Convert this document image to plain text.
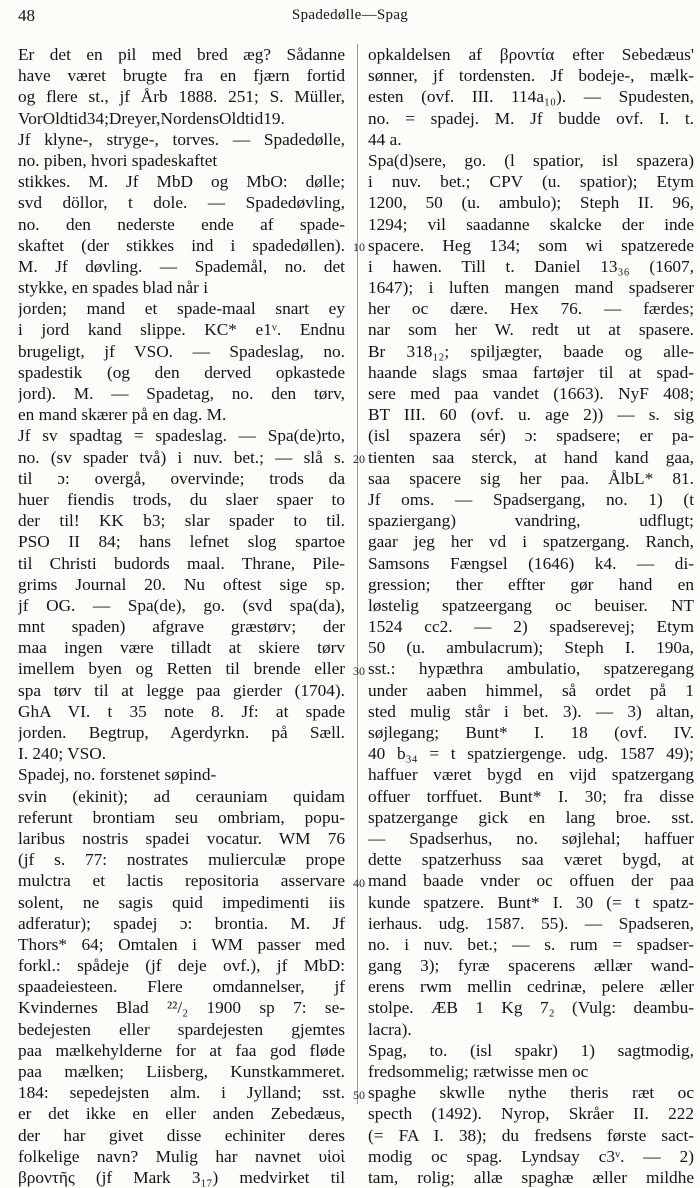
48	Spadedølle—Spag
Er det en pil med bred æg? Sådanne
have været brugte fra en fjærn fortid
og flere st., jf Årb 1888. 251; S. Müller,
VorOldtid34;Dreyer,NordensOldtid19.
Jf klyne-, stryge-, torves. — Spadedølle,
no. piben, hvori spadeskaftet
stikkes. M. Jf MbD og MbO: dølle;
svd döllor, t dole. — Spadedøvling,
no. den nederste ende af spade-
skaftet (der stikkes ind i spadedøllen).
M. Jf døvling. — Spademål, no. det
stykke, en spades blad når i
jorden; mand et spade-maal snart ey
i jord kand slippe. KC* e1ᵛ. Endnu
brugeligt, jf VSO. — Spadeslag, no.
spadestik (og den derved opkastede
jord). M. — Spadetag, no. den tørv,
en mand skærer på en dag. M.
Jf sv spadtag = spadeslag. — Spa(de)rto,
no. (sv spader två) i nuv. bet.; — slå s.
til ɔ: overgå, overvinde; trods da
huer fiendis trods, du slaer spaer to
der til! KK b3; slar spader to til.
PSO II 84; hans lefnet slog spartoe
til Christi budords maal. Thrane, Pile-
grims Journal 20. Nu oftest sige sp.
jf OG. — Spa(de), go. (svd spa(da),
mnt spaden) afgrave græstørv; der
maa ingen være tilladt at skiere tørv
imellem byen og Retten til brende eller
spa tørv til at legge paa gierder (1704).
GhA VI. t 35 note 8. Jf: at spade
jorden. Begtrup, Agerdyrkn. på Sæll.
I. 240; VSO.
Spadej, no. forstenet søpind-
svin (ekinit); ad cerauniam quidam
referunt brontiam seu ombriam, popu-
laribus nostris spadei vocatur. WM 76
(jf s. 77: nostrates mulierculæ prope
mulctra et lactis repositoria asservare
solent, ne sagis quid impedimenti iis
adferatur); spadej ɔ: brontia. M. Jf
Thors* 64; Omtalen i WM passer med
forkl.: spådeje (jf deje ovf.), jf MbD:
spaadeiesteen. Flere omdannelser, jf
Kvindernes Blad ²²/₂ 1900 sp 7: se-
bedejesten eller spardejesten gjemtes
paa mælkehylderne for at faa god fløde
paa mælken; Liisberg, Kunstkammeret.
184: sepedejsten alm. i Jylland; sst.
er det ikke en eller anden Zebedæus,
der har givet disse echiniter deres
folkelige navn? Mulig har navnet υἱοὶ
βροντῆς (jf Mark 3₁₇) medvirket til
10
20
30
40
50
opkaldelsen af βροντία efter Sebedæus'
sønner, jf tordensten. Jf bodeje-, mælk-
esten (ovf. III. 114a₁₀). — Spudesten,
no. = spadej. M. Jf budde ovf. I. t.
44 a.
Spa(d)sere, go. (l spatior, isl spazera)
i nuv. bet.; CPV (u. spatior); Etym
1200, 50 (u. ambulo); Steph II. 96,
1294; vil saadanne skalcke der inde
spacere. Heg 134; som wi spatzerede
i hawen. Till t. Daniel 13₃₆ (1607,
1647); i luften mangen mand spadserer
her oc dære. Hex 76. — færdes;
nar som her W. redt ut at spasere.
Br 318₁₂; spiljægter, baade og alle-
haande slags smaa fartøjer til at spad-
sere med paa vandet (1663). NyF 408;
BT III. 60 (ovf. u. age 2)) — s. sig
(isl spazera sér) ɔ: spadsere; er pa-
tienten saa sterck, at hand kand gaa,
saa spacere sig her paa. ÅlbL* 81.
Jf oms. — Spadsergang, no. 1) (t
spaziergang) vandring, udflugt;
gaar jeg her vd i spatzergang. Ranch,
Samsons Fængsel (1646) k4. — di-
gression; ther effter gør hand en
løstelig spatzeergang oc beuiser. NT
1524 cc2. — 2) spadserevej; Etym
50 (u. ambulacrum); Steph I. 190a,
sst.: hypæthra ambulatio, spatzeregang
under aaben himmel, så ordet på 1
sted mulig står i bet. 3). — 3) altan,
søjlegang; Bunt* I. 18 (ovf. IV.
40 b₃₄ = t spatziergenge. udg. 1587 49);
haffuer været bygd en vijd spatzergang
offuer torffuet. Bunt* I. 30; fra disse
spatzergange gick en lang broe. sst.
— Spadserhus, no. søjlehal; haffuer
dette spatzerhuss saa været bygd, at
mand baade vnder oc offuen der paa
kunde spatzere. Bunt* I. 30 (= t spatz-
ierhaus. udg. 1587. 55). — Spadseren,
no. i nuv. bet.; — s. rum = spadser-
gang 3); fyræ spacerens ællær wand-
erens rwm mellin cedrinæ, pelere æller
stolpe. ÆB 1 Kg 7₂ (Vulg: deambu-
lacra).
Spag, to. (isl spakr) 1) sagtmodig,
fredsommelig; rætwisse men oc
spaghe skwlle nythe theris ræt oc
specth (1492). Nyrop, Skråer II. 222
(= FA I. 38); du fredsens første sact-
modig oc spag. Lyndsay c3ᵛ. — 2)
tam, rolig; allæ spaghæ æller mildhe
